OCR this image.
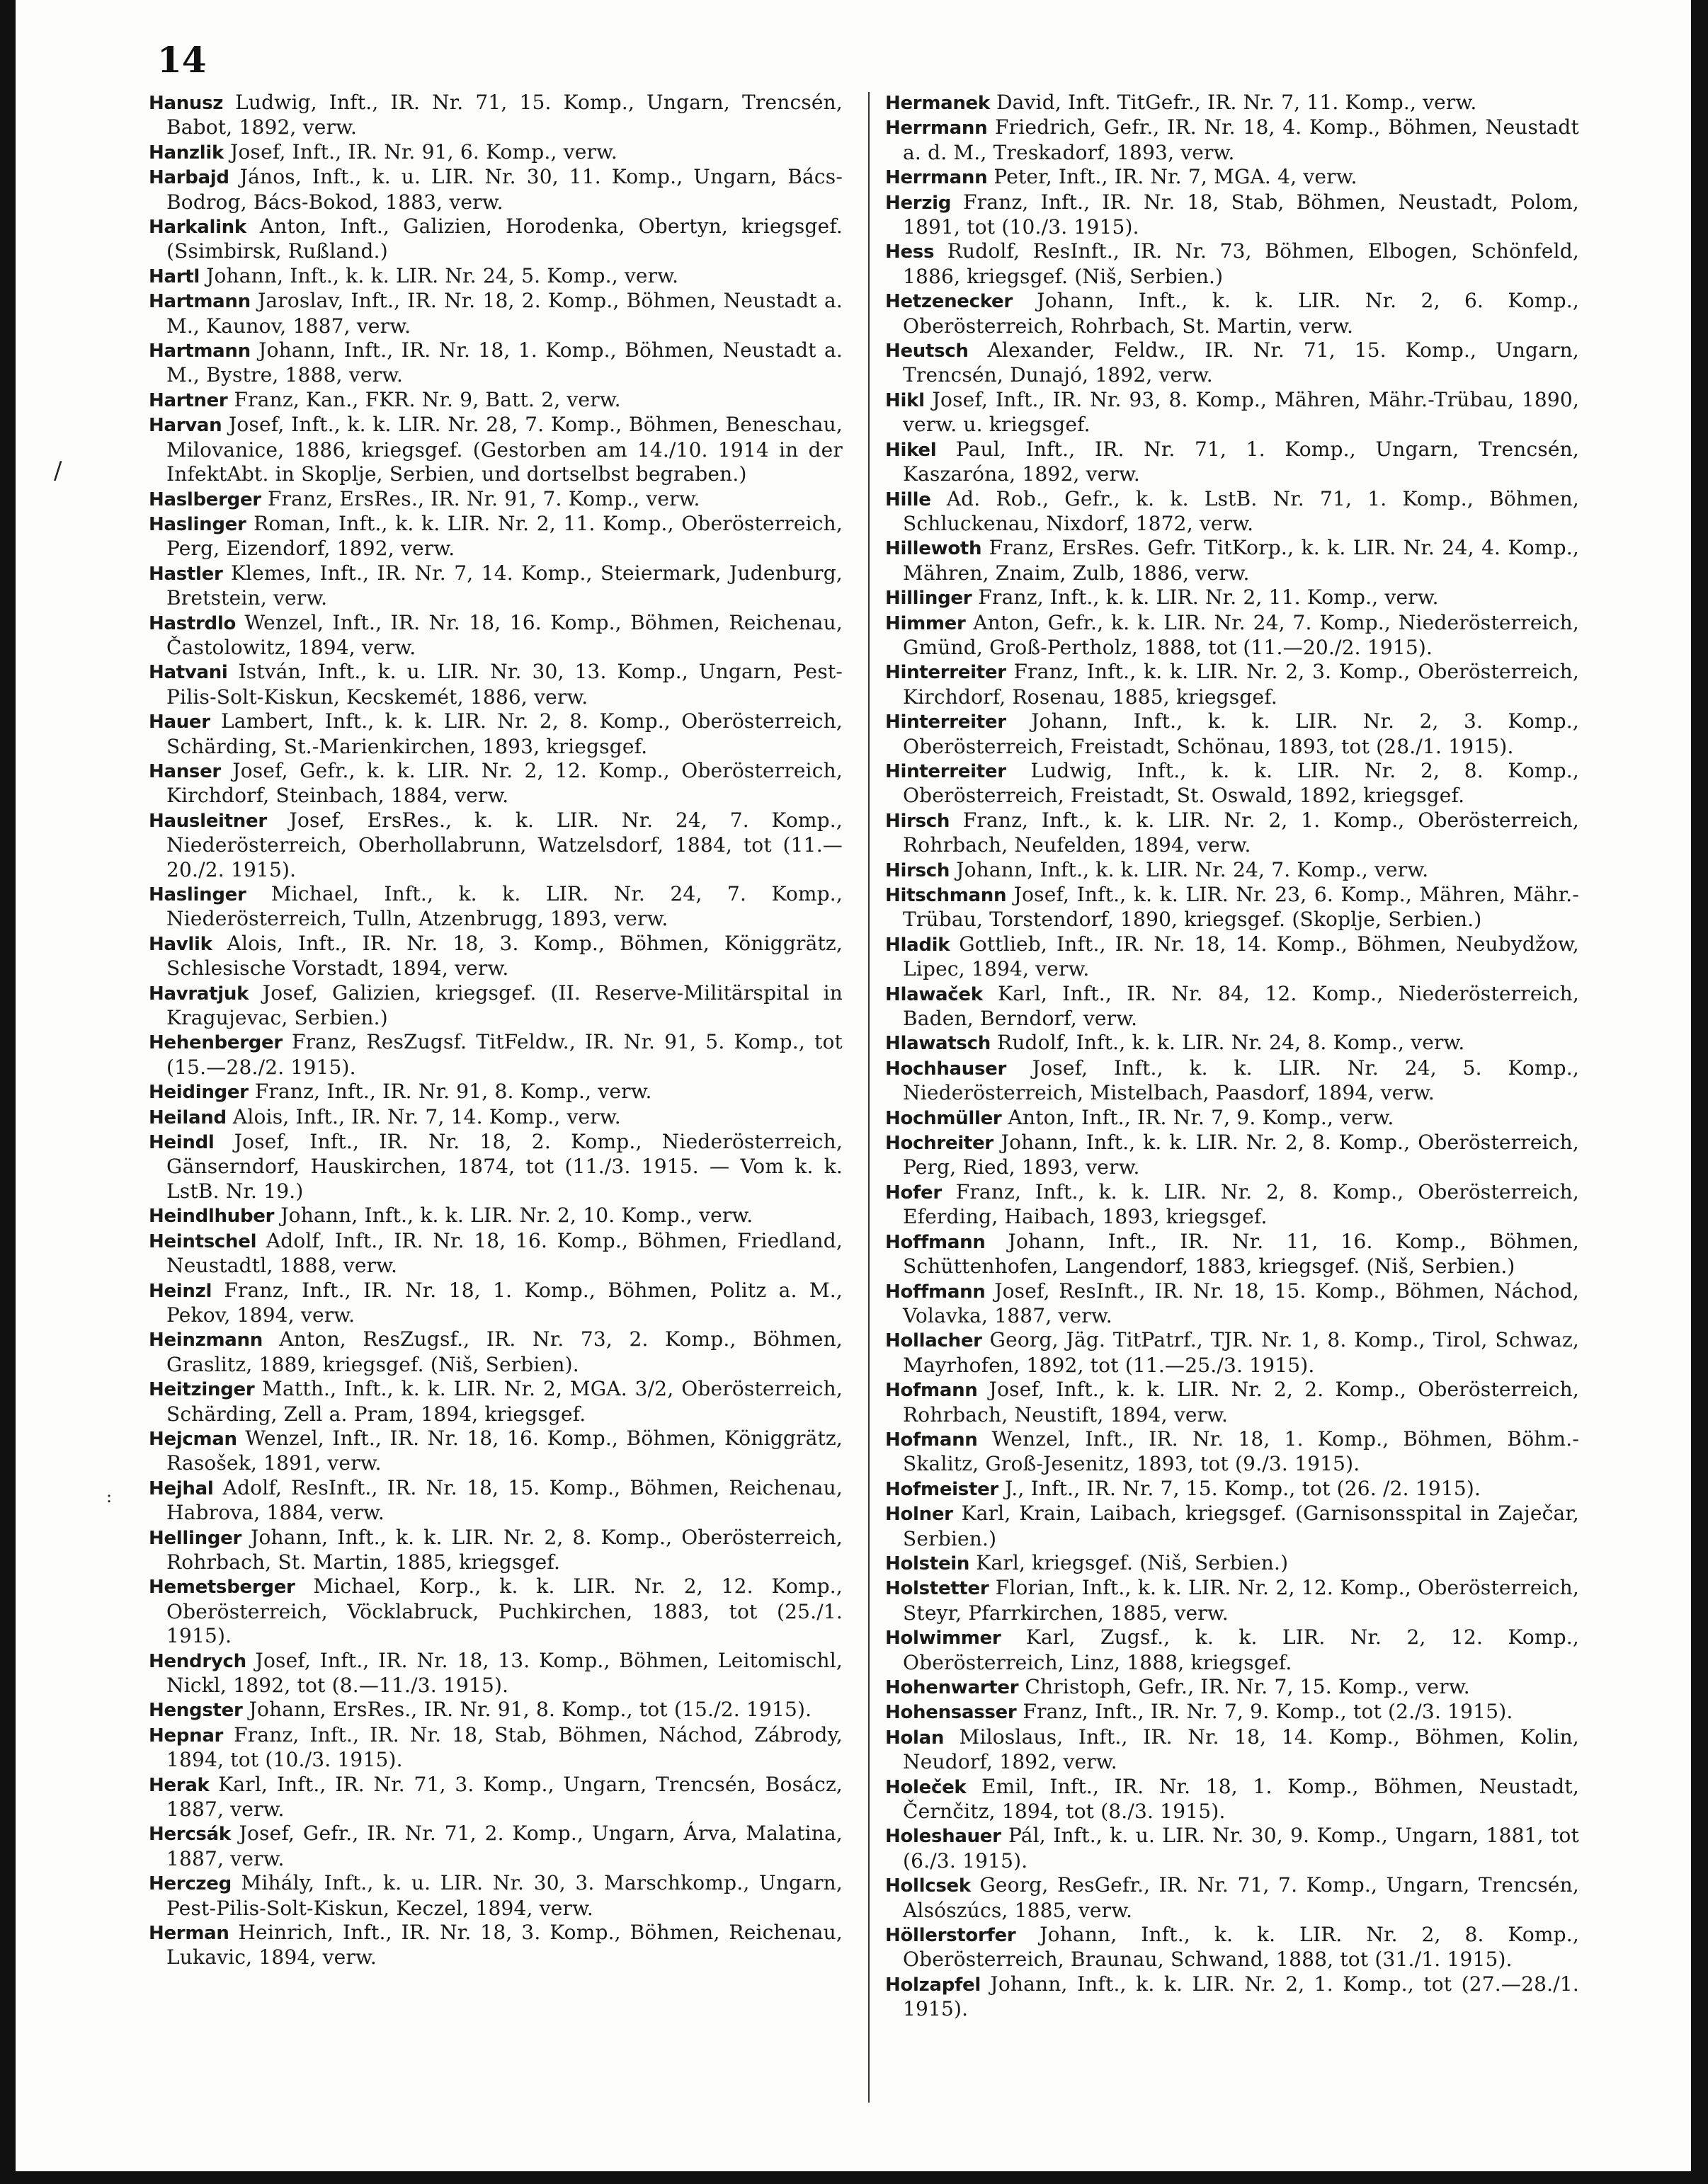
14
Hanusz Ludwig, Inft., IR. Nr. 71, 15. Komp., Ungarn, Trencsén, Babot, 1892, verw.
Hanzlik Josef, Inft., IR. Nr. 91, 6. Komp., verw.
Harbajd János, Inft., k. u. LIR. Nr. 30, 11. Komp., Ungarn, Bács-Bodrog, Bács-Bokod, 1883, verw.
Harkalink Anton, Inft., Galizien, Horodenka, Obertyn, kriegsgef. (Ssimbirsk, Rußland.)
Hartl Johann, Inft., k. k. LIR. Nr. 24, 5. Komp., verw.
Hartmann Jaroslav, Inft., IR. Nr. 18, 2. Komp., Böhmen, Neustadt a. M., Kaunov, 1887, verw.
Hartmann Johann, Inft., IR. Nr. 18, 1. Komp., Böhmen, Neustadt a. M., Bystre, 1888, verw.
Hartner Franz, Kan., FKR. Nr. 9, Batt. 2, verw.
Harvan Josef, Inft., k. k. LIR. Nr. 28, 7. Komp., Böhmen, Beneschau, Milovanice, 1886, kriegsgef. (Gestorben am 14./10. 1914 in der InfektAbt. in Skoplje, Serbien, und dortselbst begraben.)
Haslberger Franz, ErsRes., IR. Nr. 91, 7. Komp., verw.
Haslinger Roman, Inft., k. k. LIR. Nr. 2, 11. Komp., Oberösterreich, Perg, Eizendorf, 1892, verw.
Hastler Klemes, Inft., IR. Nr. 7, 14. Komp., Steiermark, Judenburg, Bretstein, verw.
Hastrdlo Wenzel, Inft., IR. Nr. 18, 16. Komp., Böhmen, Reichenau, Častolowitz, 1894, verw.
Hatvani István, Inft., k. u. LIR. Nr. 30, 13. Komp., Ungarn, Pest-Pilis-Solt-Kiskun, Kecskemét, 1886, verw.
Hauer Lambert, Inft., k. k. LIR. Nr. 2, 8. Komp., Oberösterreich, Schärding, St.-Marienkirchen, 1893, kriegsgef.
Hanser Josef, Gefr., k. k. LIR. Nr. 2, 12. Komp., Oberösterreich, Kirchdorf, Steinbach, 1884, verw.
Hausleitner Josef, ErsRes., k. k. LIR. Nr. 24, 7. Komp., Niederösterreich, Oberhollabrunn, Watzelsdorf, 1884, tot (11.—20./2. 1915).
Haslinger Michael, Inft., k. k. LIR. Nr. 24, 7. Komp., Niederösterreich, Tulln, Atzenbrugg, 1893, verw.
Havlik Alois, Inft., IR. Nr. 18, 3. Komp., Böhmen, Königgrätz, Schlesische Vorstadt, 1894, verw.
Havratjuk Josef, Galizien, kriegsgef. (II. Reserve-Militärspital in Kragujevac, Serbien.)
Hehenberger Franz, ResZugsf. TitFeldw., IR. Nr. 91, 5. Komp., tot (15.—28./2. 1915).
Heidinger Franz, Inft., IR. Nr. 91, 8. Komp., verw.
Heiland Alois, Inft., IR. Nr. 7, 14. Komp., verw.
Heindl Josef, Inft., IR. Nr. 18, 2. Komp., Niederösterreich, Gänserndorf, Hauskirchen, 1874, tot (11./3. 1915. — Vom k. k. LstB. Nr. 19.)
Heindlhuber Johann, Inft., k. k. LIR. Nr. 2, 10. Komp., verw.
Heintschel Adolf, Inft., IR. Nr. 18, 16. Komp., Böhmen, Friedland, Neustadtl, 1888, verw.
Heinzl Franz, Inft., IR. Nr. 18, 1. Komp., Böhmen, Politz a. M., Pekov, 1894, verw.
Heinzmann Anton, ResZugsf., IR. Nr. 73, 2. Komp., Böhmen, Graslitz, 1889, kriegsgef. (Niš, Serbien).
Heitzinger Matth., Inft., k. k. LIR. Nr. 2, MGA. 3/2, Oberösterreich, Schärding, Zell a. Pram, 1894, kriegsgef.
Hejcman Wenzel, Inft., IR. Nr. 18, 16. Komp., Böhmen, Königgrätz, Rasošek, 1891, verw.
Hejhal Adolf, ResInft., IR. Nr. 18, 15. Komp., Böhmen, Reichenau, Habrova, 1884, verw.
Hellinger Johann, Inft., k. k. LIR. Nr. 2, 8. Komp., Oberösterreich, Rohrbach, St. Martin, 1885, kriegsgef.
Hemetsberger Michael, Korp., k. k. LIR. Nr. 2, 12. Komp., Oberösterreich, Vöcklabruck, Puchkirchen, 1883, tot (25./1. 1915).
Hendrych Josef, Inft., IR. Nr. 18, 13. Komp., Böhmen, Leitomischl, Nickl, 1892, tot (8.—11./3. 1915).
Hengster Johann, ErsRes., IR. Nr. 91, 8. Komp., tot (15./2. 1915).
Hepnar Franz, Inft., IR. Nr. 18, Stab, Böhmen, Náchod, Zábrody, 1894, tot (10./3. 1915).
Herak Karl, Inft., IR. Nr. 71, 3. Komp., Ungarn, Trencsén, Bosácz, 1887, verw.
Hercsák Josef, Gefr., IR. Nr. 71, 2. Komp., Ungarn, Árva, Malatina, 1887, verw.
Herczeg Mihály, Inft., k. u. LIR. Nr. 30, 3. Marschkomp., Ungarn, Pest-Pilis-Solt-Kiskun, Keczel, 1894, verw.
Herman Heinrich, Inft., IR. Nr. 18, 3. Komp., Böhmen, Reichenau, Lukavic, 1894, verw.
Hermanek David, Inft. TitGefr., IR. Nr. 7, 11. Komp., verw.
Herrmann Friedrich, Gefr., IR. Nr. 18, 4. Komp., Böhmen, Neustadt a. d. M., Treskadorf, 1893, verw.
Herrmann Peter, Inft., IR. Nr. 7, MGA. 4, verw.
Herzig Franz, Inft., IR. Nr. 18, Stab, Böhmen, Neustadt, Polom, 1891, tot (10./3. 1915).
Hess Rudolf, ResInft., IR. Nr. 73, Böhmen, Elbogen, Schönfeld, 1886, kriegsgef. (Niš, Serbien.)
Hetzenecker Johann, Inft., k. k. LIR. Nr. 2, 6. Komp., Oberösterreich, Rohrbach, St. Martin, verw.
Heutsch Alexander, Feldw., IR. Nr. 71, 15. Komp., Ungarn, Trencsén, Dunajó, 1892, verw.
Hikl Josef, Inft., IR. Nr. 93, 8. Komp., Mähren, Mähr.-Trübau, 1890, verw. u. kriegsgef.
Hikel Paul, Inft., IR. Nr. 71, 1. Komp., Ungarn, Trencsén, Kaszaróna, 1892, verw.
Hille Ad. Rob., Gefr., k. k. LstB. Nr. 71, 1. Komp., Böhmen, Schluckenau, Nixdorf, 1872, verw.
Hillewoth Franz, ErsRes. Gefr. TitKorp., k. k. LIR. Nr. 24, 4. Komp., Mähren, Znaim, Zulb, 1886, verw.
Hillinger Franz, Inft., k. k. LIR. Nr. 2, 11. Komp., verw.
Himmer Anton, Gefr., k. k. LIR. Nr. 24, 7. Komp., Niederösterreich, Gmünd, Groß-Pertholz, 1888, tot (11.—20./2. 1915).
Hinterreiter Franz, Inft., k. k. LIR. Nr. 2, 3. Komp., Oberösterreich, Kirchdorf, Rosenau, 1885, kriegsgef.
Hinterreiter Johann, Inft., k. k. LIR. Nr. 2, 3. Komp., Oberösterreich, Freistadt, Schönau, 1893, tot (28./1. 1915).
Hinterreiter Ludwig, Inft., k. k. LIR. Nr. 2, 8. Komp., Oberösterreich, Freistadt, St. Oswald, 1892, kriegsgef.
Hirsch Franz, Inft., k. k. LIR. Nr. 2, 1. Komp., Oberösterreich, Rohrbach, Neufelden, 1894, verw.
Hirsch Johann, Inft., k. k. LIR. Nr. 24, 7. Komp., verw.
Hitschmann Josef, Inft., k. k. LIR. Nr. 23, 6. Komp., Mähren, Mähr.-Trübau, Torstendorf, 1890, kriegsgef. (Skoplje, Serbien.)
Hladik Gottlieb, Inft., IR. Nr. 18, 14. Komp., Böhmen, Neubydžow, Lipec, 1894, verw.
Hlawaček Karl, Inft., IR. Nr. 84, 12. Komp., Niederösterreich, Baden, Berndorf, verw.
Hlawatsch Rudolf, Inft., k. k. LIR. Nr. 24, 8. Komp., verw.
Hochhauser Josef, Inft., k. k. LIR. Nr. 24, 5. Komp., Niederösterreich, Mistelbach, Paasdorf, 1894, verw.
Hochmüller Anton, Inft., IR. Nr. 7, 9. Komp., verw.
Hochreiter Johann, Inft., k. k. LIR. Nr. 2, 8. Komp., Oberösterreich, Perg, Ried, 1893, verw.
Hofer Franz, Inft., k. k. LIR. Nr. 2, 8. Komp., Oberösterreich, Eferding, Haibach, 1893, kriegsgef.
Hoffmann Johann, Inft., IR. Nr. 11, 16. Komp., Böhmen, Schüttenhofen, Langendorf, 1883, kriegsgef. (Niš, Serbien.)
Hoffmann Josef, ResInft., IR. Nr. 18, 15. Komp., Böhmen, Náchod, Volavka, 1887, verw.
Hollacher Georg, Jäg. TitPatrf., TJR. Nr. 1, 8. Komp., Tirol, Schwaz, Mayrhofen, 1892, tot (11.—25./3. 1915).
Hofmann Josef, Inft., k. k. LIR. Nr. 2, 2. Komp., Oberösterreich, Rohrbach, Neustift, 1894, verw.
Hofmann Wenzel, Inft., IR. Nr. 18, 1. Komp., Böhmen, Böhm.-Skalitz, Groß-Jesenitz, 1893, tot (9./3. 1915).
Hofmeister J., Inft., IR. Nr. 7, 15. Komp., tot (26. /2. 1915).
Holner Karl, Krain, Laibach, kriegsgef. (Garnisonsspital in Zaječar, Serbien.)
Holstein Karl, kriegsgef. (Niš, Serbien.)
Holstetter Florian, Inft., k. k. LIR. Nr. 2, 12. Komp., Oberösterreich, Steyr, Pfarrkirchen, 1885, verw.
Holwimmer Karl, Zugsf., k. k. LIR. Nr. 2, 12. Komp., Oberösterreich, Linz, 1888, kriegsgef.
Hohenwarter Christoph, Gefr., IR. Nr. 7, 15. Komp., verw.
Hohensasser Franz, Inft., IR. Nr. 7, 9. Komp., tot (2./3. 1915).
Holan Miloslaus, Inft., IR. Nr. 18, 14. Komp., Böhmen, Kolin, Neudorf, 1892, verw.
Holeček Emil, Inft., IR. Nr. 18, 1. Komp., Böhmen, Neustadt, Černčitz, 1894, tot (8./3. 1915).
Holeshauer Pál, Inft., k. u. LIR. Nr. 30, 9. Komp., Ungarn, 1881, tot (6./3. 1915).
Hollcsek Georg, ResGefr., IR. Nr. 71, 7. Komp., Ungarn, Trencsén, Alsószúcs, 1885, verw.
Höllerstorfer Johann, Inft., k. k. LIR. Nr. 2, 8. Komp., Oberösterreich, Braunau, Schwand, 1888, tot (31./1. 1915).
Holzapfel Johann, Inft., k. k. LIR. Nr. 2, 1. Komp., tot (27.—28./1. 1915).
/
:
